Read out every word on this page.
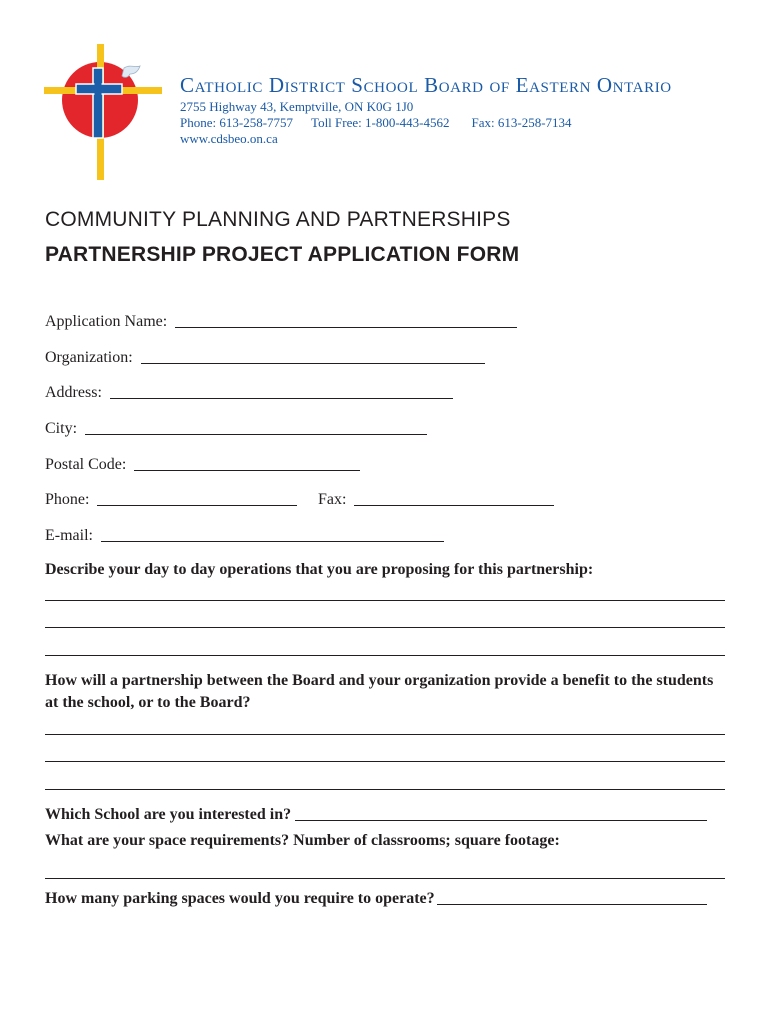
Catholic District School Board of Eastern Ontario
2755 Highway 43, Kemptville, ON K0G 1J0
Phone: 613-258-7757 Toll Free: 1-800-443-4562 Fax: 613-258-7134
www.cdsbeo.on.ca
COMMUNITY PLANNING AND PARTNERSHIPS
PARTNERSHIP PROJECT APPLICATION FORM
Application Name:
Organization:
Address:
City:
Postal Code:
Phone:	Fax:
E-mail:

Describe your day to day operations that you are proposing for this partnership:

How will a partnership between the Board and your organization provide a benefit to the students at the school, or to the Board?

Which School are you interested in?

What are your space requirements? Number of classrooms; square footage:

How many parking spaces would you require to operate?
